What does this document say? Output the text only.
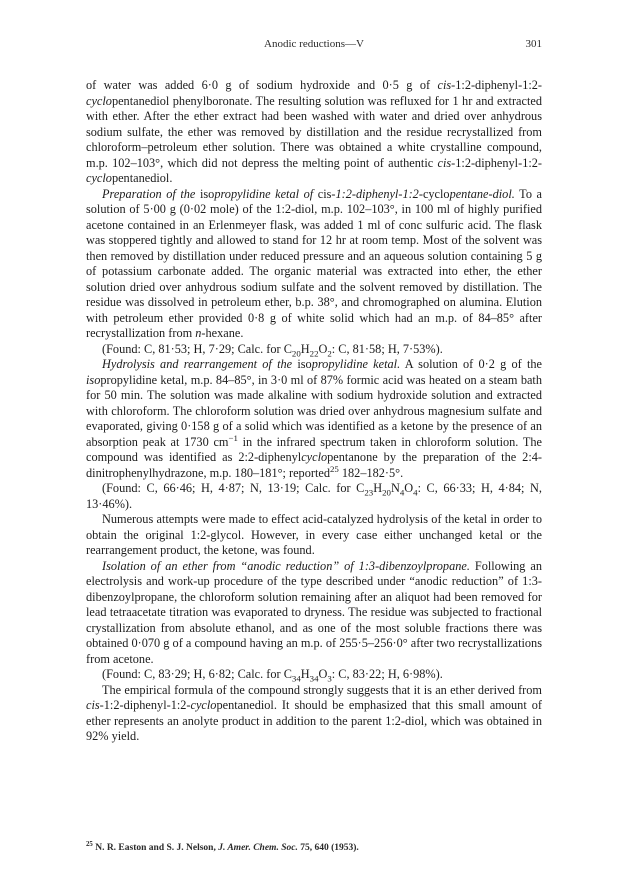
Anodic reductions—V	301

of water was added 6·0 g of sodium hydroxide and 0·5 g of cis-1:2-diphenyl-1:2-cyclopentanediol phenylboronate. The resulting solution was refluxed for 1 hr and extracted with ether. After the ether extract had been washed with water and dried over anhydrous sodium sulfate, the ether was removed by distillation and the residue recrystallized from chloroform–petroleum ether solution. There was obtained a white crystalline compound, m.p. 102–103°, which did not depress the melting point of authentic cis-1:2-diphenyl-1:2-cyclopentanediol.

Preparation of the isopropylidine ketal of cis-1:2-diphenyl-1:2-cyclopentane-diol. To a solution of 5·00 g (0·02 mole) of the 1:2-diol, m.p. 102–103°, in 100 ml of highly purified acetone contained in an Erlenmeyer flask, was added 1 ml of conc sulfuric acid. The flask was stoppered tightly and allowed to stand for 12 hr at room temp. Most of the solvent was then removed by distillation under reduced pressure and an aqueous solution containing 5 g of potassium carbonate added. The organic material was extracted into ether, the ether solution dried over anhydrous sodium sulfate and the solvent removed by distillation. The residue was dissolved in petroleum ether, b.p. 38°, and chromographed on alumina. Elution with petroleum ether provided 0·8 g of white solid which had an m.p. of 84–85° after recrystallization from n-hexane.

(Found: C, 81·53; H, 7·29; Calc. for $C_{20}H_{22}O_2$: C, 81·58; H, 7·53%).

Hydrolysis and rearrangement of the isopropylidine ketal. A solution of 0·2 g of the isopropylidine ketal, m.p. 84–85°, in 3·0 ml of 87% formic acid was heated on a steam bath for 50 min. The solution was made alkaline with sodium hydroxide solution and extracted with chloroform. The chloroform solution was dried over anhydrous magnesium sulfate and evaporated, giving 0·158 g of a solid which was identified as a ketone by the presence of an absorption peak at 1730 $cm^{-1}$ in the infrared spectrum taken in chloroform solution. The compound was identified as 2:2-diphenylcyclopentanone by the preparation of the 2:4-dinitrophenylhydrazone, m.p. 180–181°; reported$^{25}$ 182–182·5°.

(Found: C, 66·46; H, 4·87; N, 13·19; Calc. for $C_{23}H_{20}N_4O_4$: C, 66·33; H, 4·84; N, 13·46%).

Numerous attempts were made to effect acid-catalyzed hydrolysis of the ketal in order to obtain the original 1:2-glycol. However, in every case either unchanged ketal or the rearrangement product, the ketone, was found.

Isolation of an ether from “anodic reduction” of 1:3-dibenzoylpropane. Following an electrolysis and work-up procedure of the type described under “anodic reduction” of 1:3-dibenzoylpropane, the chloroform solution remaining after an aliquot had been removed for lead tetraacetate titration was evaporated to dryness. The residue was subjected to fractional crystallization from absolute ethanol, and as one of the most soluble fractions there was obtained 0·070 g of a compound having an m.p. of 255·5–256·0° after two recrystallizations from acetone.

(Found: C, 83·29; H, 6·82; Calc. for $C_{34}H_{34}O_3$: C, 83·22; H, 6·98%).

The empirical formula of the compound strongly suggests that it is an ether derived from cis-1:2-diphenyl-1:2-cyclopentanediol. It should be emphasized that this small amount of ether represents an anolyte product in addition to the parent 1:2-diol, which was obtained in 92% yield.

$^{25}$ N. R. Easton and S. J. Nelson, J. Amer. Chem. Soc. 75, 640 (1953).
